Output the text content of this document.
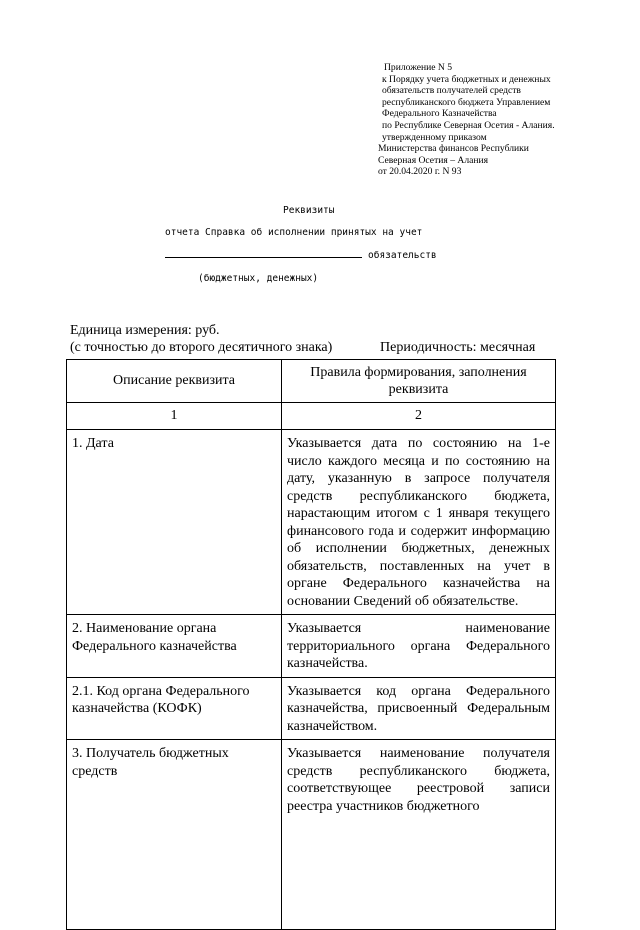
Приложение N 5
к Порядку учета бюджетных и денежных
обязательств получателей средств
республиканского бюджета Управлением
Федерального Казначейства
по Республике Северная Осетия - Алания.
утвержденному приказом
Министерства финансов Республики
Северная Осетия – Алания
от 20.04.2020 г. N 93
Реквизиты
отчета Справка об исполнении принятых на учет
обязательств
(бюджетных, денежных)
Единица измерения: руб.
(с точностью до второго десятичного знака)	Периодичность: месячная
Описание реквизита	Правила формирования, заполнения реквизита
1	2
1. Дата	Указывается дата по состоянию на 1-е число каждого месяца и по состоянию на дату, указанную в запросе получателя средств республиканского бюджета, нарастающим итогом с 1 января текущего финансового года и содержит информацию об исполнении бюджетных, денежных обязательств, поставленных на учет в органе Федерального казначейства на основании Сведений об обязательстве.
2. Наименование органа Федерального казначейства	Указывается наименование территориального органа Федерального казначейства.
2.1. Код органа Федерального казначейства (КОФК)	Указывается код органа Федерального казначейства, присвоенный Федеральным казначейством.
3. Получатель бюджетных средств	Указывается наименование получателя средств республиканского бюджета, соответствующее реестровой записи реестра участников бюджетного
